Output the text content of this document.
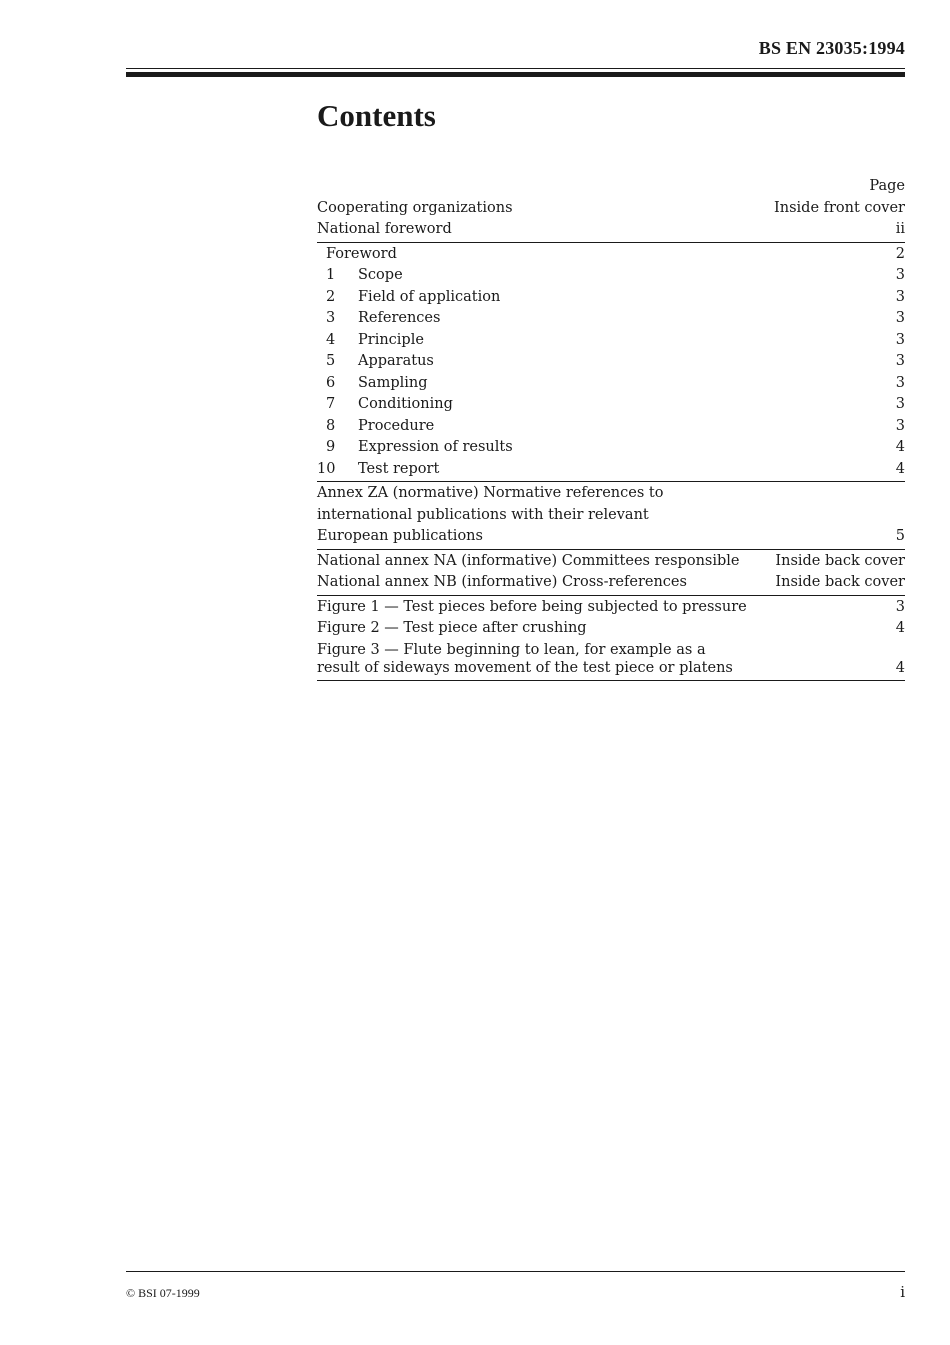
BS EN 23035:1994
Contents
Page
Cooperating organizations	Inside front cover
National foreword	ii
Foreword	2
1 Scope	3
2 Field of application	3
3 References	3
4 Principle	3
5 Apparatus	3
6 Sampling	3
7 Conditioning	3
8 Procedure	3
9 Expression of results	4
10 Test report	4
Annex ZA (normative) Normative references to
international publications with their relevant
European publications	5
National annex NA (informative) Committees responsible	Inside back cover
National annex NB (informative) Cross-references	Inside back cover
Figure 1 — Test pieces before being subjected to pressure	3
Figure 2 — Test piece after crushing	4
Figure 3 — Flute beginning to lean, for example as a
result of sideways movement of the test piece or platens	4
© BSI 07-1999	i
